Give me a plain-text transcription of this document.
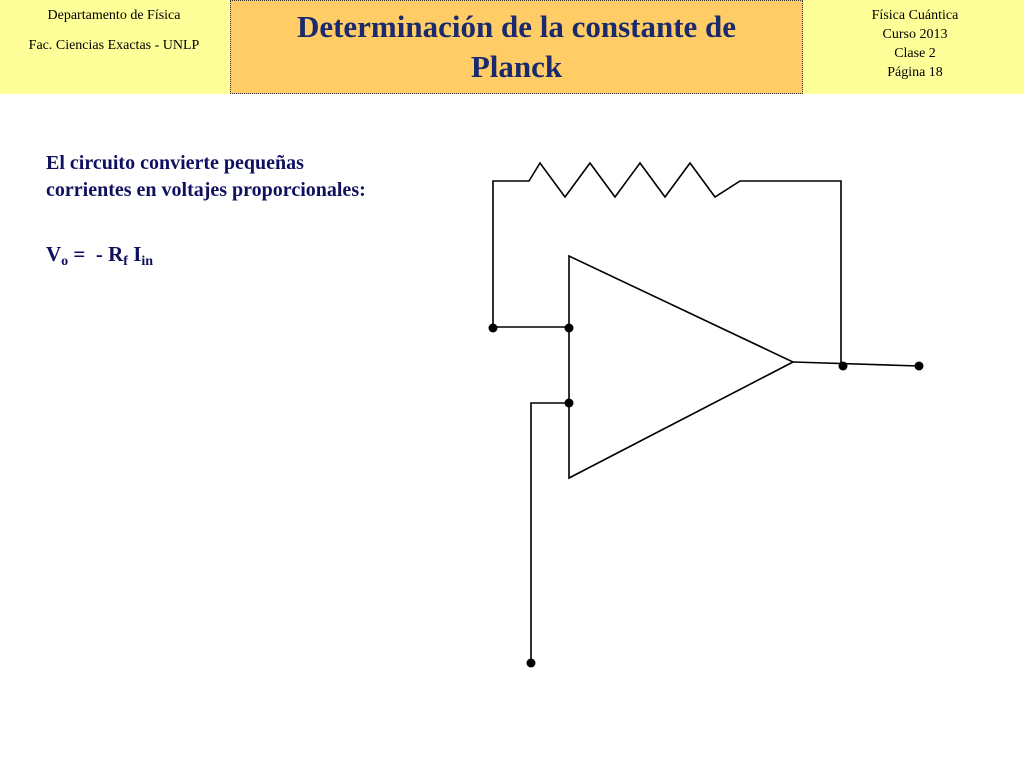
Departamento de Física
Fac. Ciencias Exactas - UNLP
Determinación de la constante de Planck
Física Cuántica
Curso 2013
Clase 2
Página 18
El circuito convierte pequeñas
corrientes en voltajes proporcionales:
$V_o$ =  - $R_f$ $I_{in}$
